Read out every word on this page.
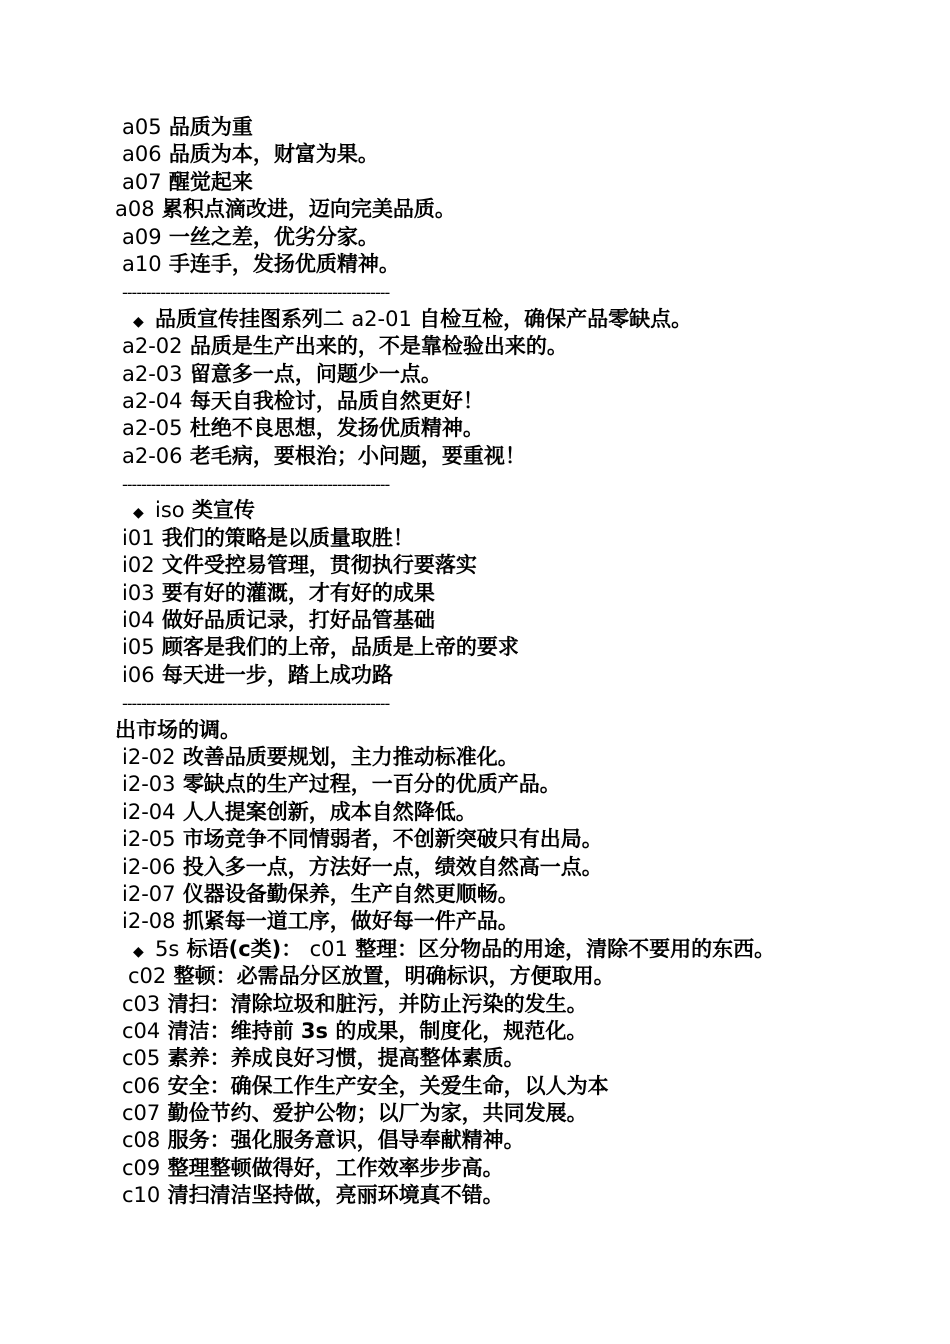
a05 品质为重
a06 品质为本，财富为果。
a07 醒觉起来
a08 累积点滴改进，迈向完美品质。
a09 一丝之差，优劣分家。
a10 手连手，发扬优质精神。
--------------------------------------------------------
◆ 品质宣传挂图系列二 a2-01 自检互检，确保产品零缺点。
a2-02 品质是生产出来的，不是靠检验出来的。
a2-03 留意多一点，问题少一点。
a2-04 每天自我检讨，品质自然更好！
a2-05 杜绝不良思想，发扬优质精神。
a2-06 老毛病，要根治；小问题，要重视！
--------------------------------------------------------
◆ iso 类宣传
i01 我们的策略是以质量取胜！
i02 文件受控易管理，贯彻执行要落实
i03 要有好的灌溉，才有好的成果
i04 做好品质记录，打好品管基础
i05 顾客是我们的上帝，品质是上帝的要求
i06 每天进一步，踏上成功路
--------------------------------------------------------
出市场的调。
i2-02 改善品质要规划，主力推动标准化。
i2-03 零缺点的生产过程，一百分的优质产品。
i2-04 人人提案创新，成本自然降低。
i2-05 市场竞争不同情弱者，不创新突破只有出局。
i2-06 投入多一点，方法好一点，绩效自然高一点。
i2-07 仪器设备勤保养，生产自然更顺畅。
i2-08 抓紧每一道工序，做好每一件产品。
◆ 5s 标语(c类)： c01 整理：区分物品的用途，清除不要用的东西。
c02 整顿：必需品分区放置，明确标识，方便取用。
c03 清扫：清除垃圾和脏污，并防止污染的发生。
c04 清洁：维持前 3s 的成果，制度化，规范化。
c05 素养：养成良好习惯，提高整体素质。
c06 安全：确保工作生产安全，关爱生命，以人为本
c07 勤俭节约、爱护公物；以厂为家，共同发展。
c08 服务：强化服务意识，倡导奉献精神。
c09 整理整顿做得好，工作效率步步高。
c10 清扫清洁坚持做，亮丽环境真不错。
